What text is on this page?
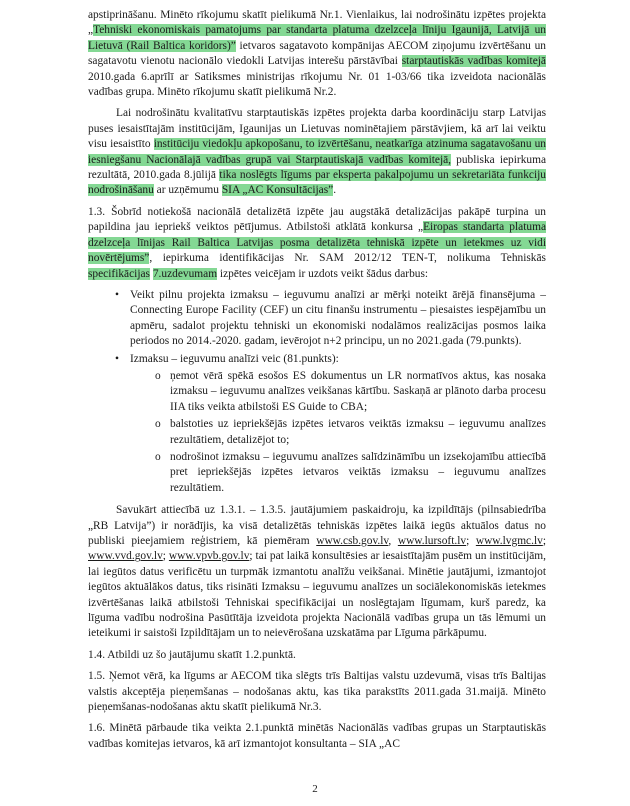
apstiprināšanu. Minēto rīkojumu skatīt pielikumā Nr.1. Vienlaikus, lai nodrošinātu izpētes projekta „Tehniski ekonomiskais pamatojums par standarta platuma dzelzceļa līniju Igaunijā, Latvijā un Lietuvā (Rail Baltica koridors)” ietvaros sagatavoto kompānijas AECOM ziņojumu izvērtēšanu un sagatavotu vienotu nacionālo viedokli Latvijas interešu pārstāvībai starptautiskās vadības komitejā 2010.gada 6.aprīlī ar Satiksmes ministrijas rīkojumu Nr. 01 1-03/66 tika izveidota nacionālās vadības grupa. Minēto rīkojumu skatīt pielikumā Nr.2.
Lai nodrošinātu kvalitatīvu starptautiskās izpētes projekta darba koordināciju starp Latvijas puses iesaistītajām institūcijām, Igaunijas un Lietuvas nominētajiem pārstāvjiem, kā arī lai veiktu visu iesaistīto institūciju viedokļu apkopošanu, to izvērtēšanu, neatkarīga atzinuma sagatavošanu un iesniegšanu Nacionālajā vadības grupā vai Starptautiskajā vadības komitejā, publiska iepirkuma rezultātā, 2010.gada 8.jūlijā tika noslēgts līgums par eksperta pakalpojumu un sekretariāta funkciju nodrošināšanu ar uzņēmumu SIA „AC Konsultācijas”.
1.3. Šobrīd notiekošā nacionālā detalizētā izpēte jau augstākā detalizācijas pakāpē turpina un papildina jau iepriekš veiktos pētījumus. Atbilstoši atklātā konkursa „Eiropas standarta platuma dzelzceļa līnijas Rail Baltica Latvijas posma detalizēta tehniskā izpēte un ietekmes uz vidi novērtējums”, iepirkuma identifikācijas Nr. SAM 2012/12 TEN-T, nolikuma Tehniskās specifikācijas 7.uzdevumam izpētes veicējam ir uzdots veikt šādus darbus:
• Veikt pilnu projekta izmaksu – ieguvumu analīzi ar mērķi noteikt ārējā finansējuma – Connecting Europe Facility (CEF) un citu finanšu instrumentu – piesaistes iespējamību un apmēru, sadalot projektu tehniski un ekonomiski nodalāmos realizācijas posmos laika periodos no 2014.-2020. gadam, ievērojot n+2 principu, un no 2021.gada (79.punkts).
• Izmaksu – ieguvumu analīzi veic (81.punkts):
o ņemot vērā spēkā esošos ES dokumentus un LR normatīvos aktus, kas nosaka izmaksu – ieguvumu analīzes veikšanas kārtību. Saskaņā ar plānoto darba procesu IIA tiks veikta atbilstoši ES Guide to CBA;
o balstoties uz iepriekšējās izpētes ietvaros veiktās izmaksu – ieguvumu analīzes rezultātiem, detalizējot to;
o nodrošinot izmaksu – ieguvumu analīzes salīdzināmību un izsekojamību attiecībā pret iepriekšējās izpētes ietvaros veiktās izmaksu – ieguvumu analīzes rezultātiem.
Savukārt attiecībā uz 1.3.1. – 1.3.5. jautājumiem paskaidroju, ka izpildītājs (pilnsabiedrība „RB Latvija”) ir norādījis, ka visā detalizētās tehniskās izpētes laikā iegūs aktuālos datus no publiski pieejamiem reģistriem, kā piemēram www.csb.gov.lv, www.lursoft.lv; www.lvgmc.lv; www.vvd.gov.lv; www.vpvb.gov.lv; tai pat laikā konsultēsies ar iesaistītajām pusēm un institūcijām, lai iegūtos datus verificētu un turpmāk izmantotu analīžu veikšanai. Minētie jautājumi, izmantojot iegūtos aktuālākos datus, tiks risināti Izmaksu – ieguvumu analīzes un sociālekonomiskās ietekmes izvērtēšanas laikā atbilstoši Tehniskai specifikācijai un noslēgtajam līgumam, kurš paredz, ka līguma vadību nodrošina Pasūtītāja izveidota projekta Nacionālā vadības grupa un tās lēmumi un ieteikumi ir saistoši Izpildītājam un to neievērošana uzskatāma par Līguma pārkāpumu.
1.4. Atbildi uz šo jautājumu skatīt 1.2.punktā.
1.5. Ņemot vērā, ka līgums ar AECOM tika slēgts trīs Baltijas valstu uzdevumā, visas trīs Baltijas valstis akceptēja pieņemšanas – nodošanas aktu, kas tika parakstīts 2011.gada 31.maijā. Minēto pieņemšanas-nodošanas aktu skatīt pielikumā Nr.3.
1.6. Minētā pārbaude tika veikta 2.1.punktā minētās Nacionālās vadības grupas un Starptautiskās vadības komitejas ietvaros, kā arī izmantojot konsultanta – SIA „AC
2
